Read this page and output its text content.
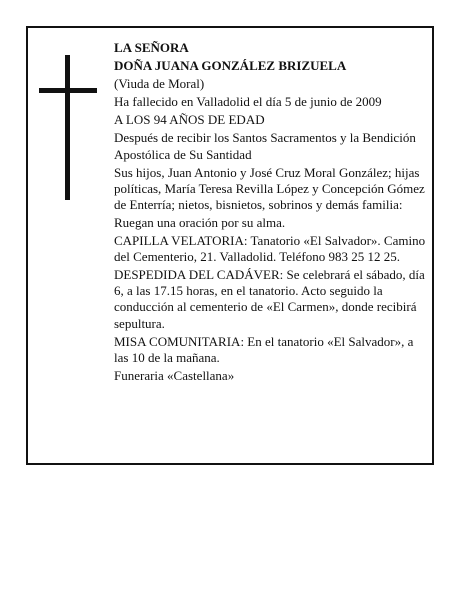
LA SEÑORA

DOÑA JUANA GONZÁLEZ BRIZUELA

(Viuda de Moral)

Ha fallecido en Valladolid el día 5 de junio de 2009

A LOS 94 AÑOS DE EDAD

Después de recibir los Santos Sacramentos y la Bendición Apostólica de Su Santidad

Sus hijos, Juan Antonio y José Cruz Moral González; hijas políticas, María Teresa Revilla López y Concepción Gómez de Enterría; nietos, bisnietos, sobrinos y demás familia:

Ruegan una oración por su alma.

CAPILLA VELATORIA: Tanatorio «El Salvador». Camino del Cementerio, 21. Valladolid. Teléfono 983 25 12 25.

DESPEDIDA DEL CADÁVER: Se celebrará el sábado, día 6, a las 17.15 horas, en el tanatorio. Acto seguido la conducción al cementerio de «El Carmen», donde recibirá sepultura.

MISA COMUNITARIA: En el tanatorio «El Salvador», a las 10 de la mañana.

Funeraria «Castellana»
